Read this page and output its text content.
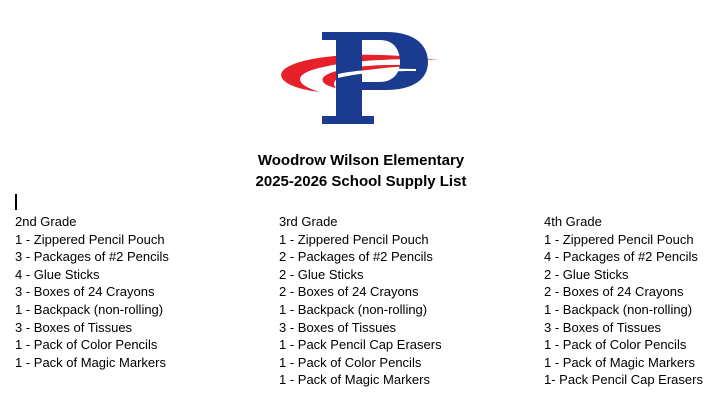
Woodrow Wilson Elementary
2025-2026 School Supply List
2nd Grade
1 - Zippered Pencil Pouch
3 - Packages of #2 Pencils
4 - Glue Sticks
3 - Boxes of 24 Crayons
1 - Backpack (non-rolling)
3 - Boxes of Tissues
1 - Pack of Color Pencils
1 - Pack of Magic Markers
3rd Grade
1 - Zippered Pencil Pouch
2 - Packages of #2 Pencils
2 - Glue Sticks
2 - Boxes of 24 Crayons
1 - Backpack (non-rolling)
3 - Boxes of Tissues
1 - Pack Pencil Cap Erasers
1 - Pack of Color Pencils
1 - Pack of Magic Markers
4th Grade
1 - Zippered Pencil Pouch
4 - Packages of #2 Pencils
2 - Glue Sticks
2 - Boxes of 24 Crayons
1 - Backpack (non-rolling)
3 - Boxes of Tissues
1 - Pack of Color Pencils
1 - Pack of Magic Markers
1- Pack Pencil Cap Erasers
